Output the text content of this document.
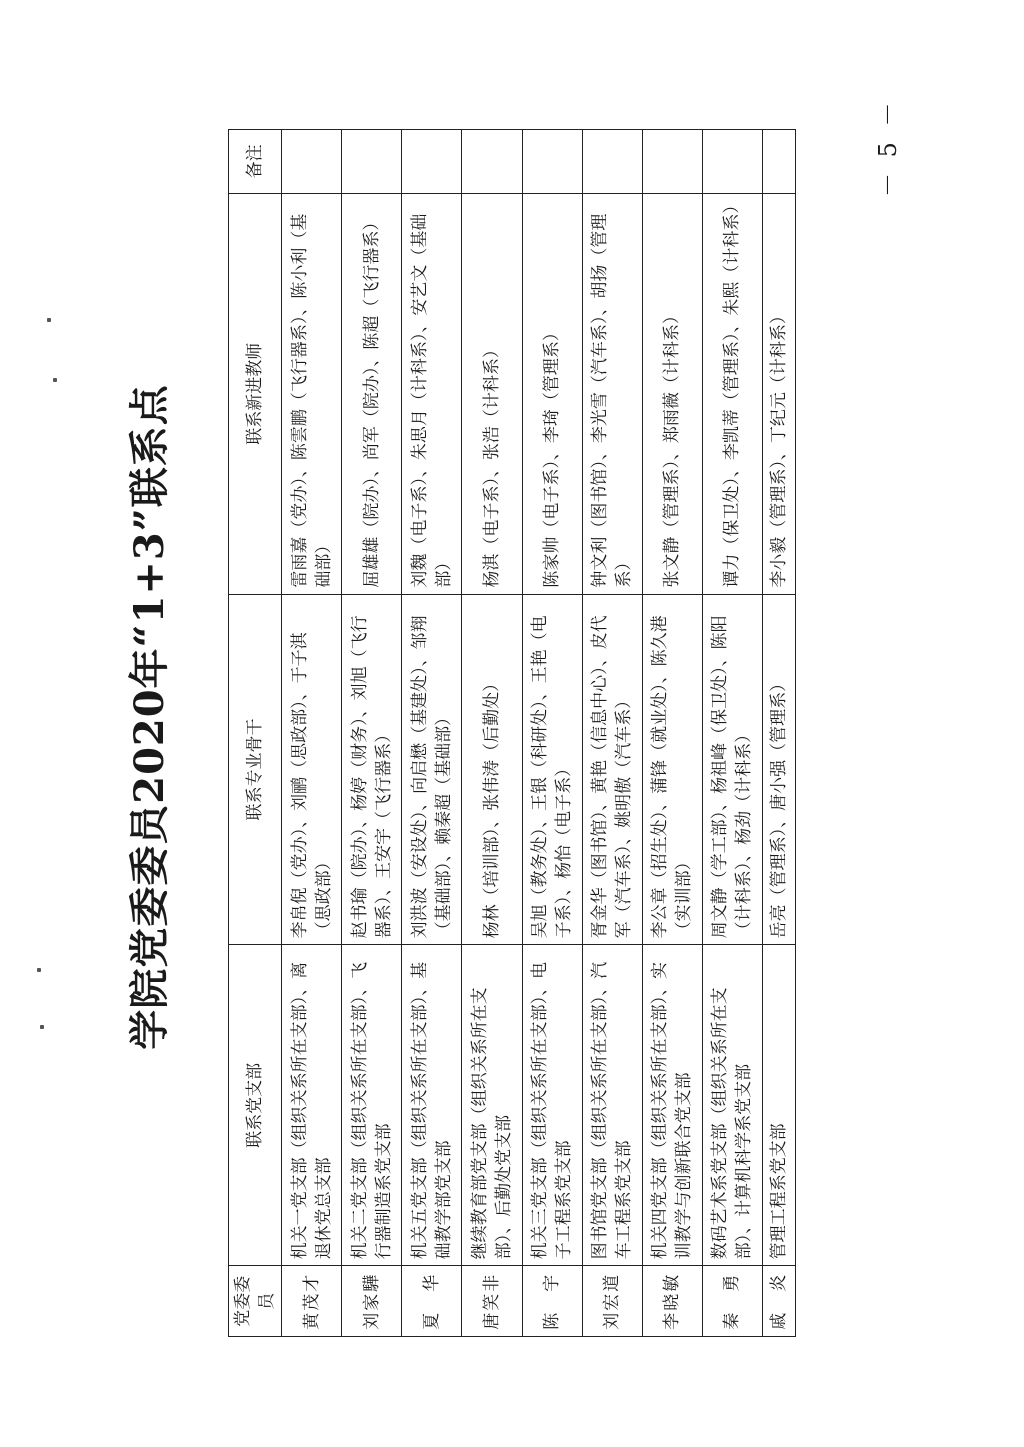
学院党委委员2020年“1+3”联系点
党委委员	联系党支部	联系专业骨干	联系新进教师	备注
黄茂才	机关一党支部（组织关系所在支部）、离退休党总支部	李帛倪（党办）、刘鹂（思政部）、于子淇（思政部）	雷雨嘉（党办）、陈雲鹏（飞行器系）、陈小利（基础部）	
刘家驊	机关二党支部（组织关系所在支部）、飞行器制造系党支部	赵书瑜（院办）、杨婷（财务）、刘旭（飞行器系）、王安宇（飞行器系）	屈雄雄（院办）、尚军（院办）、陈超（飞行器系）	
夏　华	机关五党支部（组织关系所在支部）、基础教学部党支部	刘洪波（安设处）、向启懋（基建处）、邹翔（基础部）、赖秦超（基础部）	刘魏（电子系）、朱思月（计科系）、安艺文（基础部）	
唐笑非	继续教育部党支部（组织关系所在支部）、后勤处党支部	杨林（培训部）、张伟涛（后勤处）	杨淇（电子系）、张浩（计科系）	
陈　宇	机关三党支部（组织关系所在支部）、电子工程系党支部	吴旭（教务处）、王银（科研处）、王艳（电子系）、杨怡（电子系）	陈家帅（电子系）、李琦（管理系）	
刘宏道	图书馆党支部（组织关系所在支部）、汽车工程系党支部	胥金华（图书馆）、黄艳（信息中心）、皮代军（汽车系）、姚明傲（汽车系）	钟文利（图书馆）、李光雪（汽车系）、胡扬（管理系）	
李晓敏	机关四党支部（组织关系所在支部）、实训教学与创新联合党支部	李公章（招生处）、蒲锋（就业处）、陈久港（实训部）	张文静（管理系）、郑雨薇（计科系）	
秦　勇	数码艺术系党支部（组织关系所在支部）、计算机科学系党支部	周文静（学工部）、杨祖峰（保卫处）、陈阳（计科系）、杨劲（计科系）	谭力（保卫处）、李凯蒂（管理系）、朱熙（计科系）	
戚　炎	管理工程系党支部	岳亮（管理系）、唐小强（管理系）	李小毅（管理系）、丁纪元（计科系）	
－ 5 －
